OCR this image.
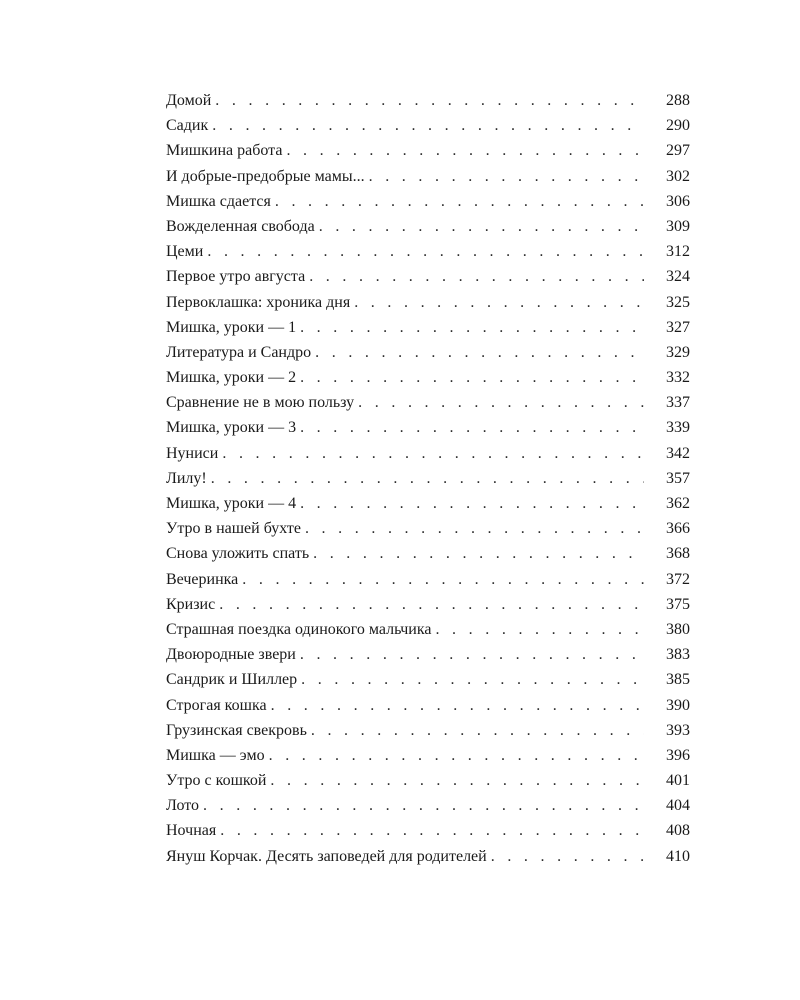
Домой . . .	288
Садик . . .	290
Мишкина работа . . .	297
И добрые-предобрые мамы... . . .	302
Мишка сдается . . .	306
Вожделенная свобода . . .	309
Цеми . . .	312
Первое утро августа . . .	324
Первоклашка: хроника дня . . .	325
Мишка, уроки — 1 . . .	327
Литература и Сандро . . .	329
Мишка, уроки — 2 . . .	332
Сравнение не в мою пользу . . .	337
Мишка, уроки — 3 . . .	339
Нуниси . . .	342
Лилу! . . .	357
Мишка, уроки — 4 . . .	362
Утро в нашей бухте . . .	366
Снова уложить спать . . .	368
Вечеринка . . .	372
Кризис . . .	375
Страшная поездка одинокого мальчика . . .	380
Двоюродные звери . . .	383
Сандрик и Шиллер . . .	385
Строгая кошка . . .	390
Грузинская свекровь . . .	393
Мишка — эмо . . .	396
Утро с кошкой . . .	401
Лото . . .	404
Ночная . . .	408
Януш Корчак. Десять заповедей для родителей . . .	410
